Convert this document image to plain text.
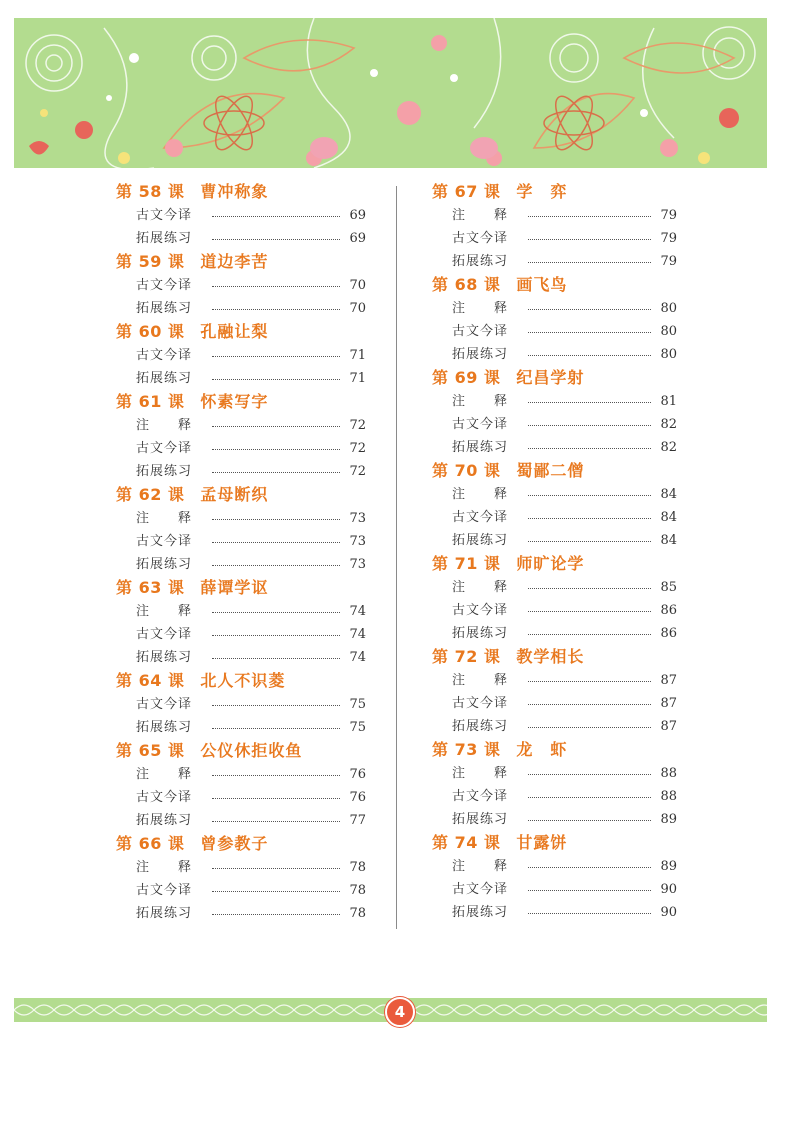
第 58 课 曹冲称象
古文今译	69
拓展练习	69
第 59 课 道边李苦
古文今译	70
拓展练习	70
第 60 课 孔融让梨
古文今译	71
拓展练习	71
第 61 课 怀素写字
注　　释	72
古文今译	72
拓展练习	72
第 62 课 孟母断织
注　　释	73
古文今译	73
拓展练习	73
第 63 课 薛谭学讴
注　　释	74
古文今译	74
拓展练习	74
第 64 课 北人不识菱
古文今译	75
拓展练习	75
第 65 课 公仪休拒收鱼
注　　释	76
古文今译	76
拓展练习	77
第 66 课 曾参教子
注　　释	78
古文今译	78
拓展练习	78
第 67 课 学　弈
注　　释	79
古文今译	79
拓展练习	79
第 68 课 画飞鸟
注　　释	80
古文今译	80
拓展练习	80
第 69 课 纪昌学射
注　　释	81
古文今译	82
拓展练习	82
第 70 课 蜀鄙二僧
注　　释	84
古文今译	84
拓展练习	84
第 71 课 师旷论学
注　　释	85
古文今译	86
拓展练习	86
第 72 课 教学相长
注　　释	87
古文今译	87
拓展练习	87
第 73 课 龙　虾
注　　释	88
古文今译	88
拓展练习	89
第 74 课 甘露饼
注　　释	89
古文今译	90
拓展练习	90
4
